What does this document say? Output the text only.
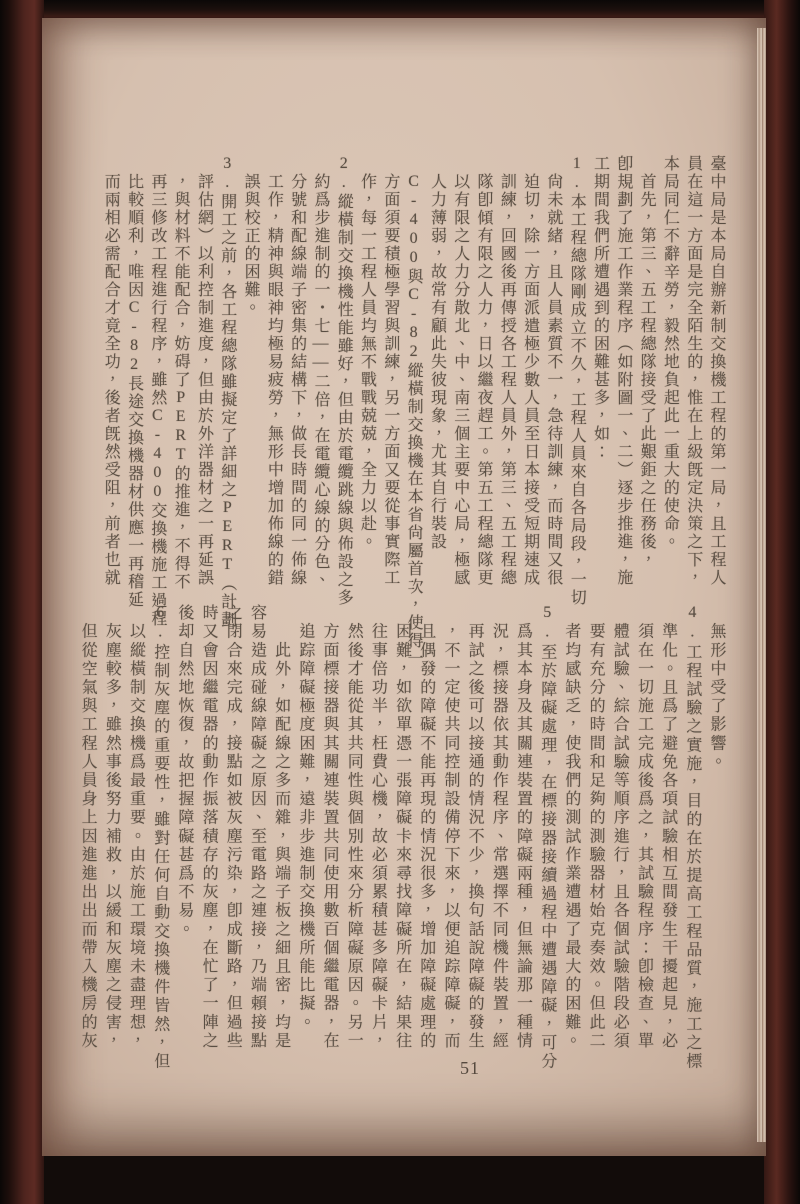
臺中局是本局自辦新制交換機工程的第一局，且工程人
員在這一方面是完全陌生的，惟在上級旣定決策之下，
本局同仁不辭辛勞，毅然地負起此一重大的使命。
　首先，第三、五工程總隊接受了此艱鉅之任務後，
卽規劃了施工作業程序（如附圖一、二）逐步推進，施
工期間我們所遭遇到的困難甚多，如：
1.本工程總隊剛成立不久，工程人員來自各局段，一切
　尙未就緒，且人員素質不一，急待訓練，而時間又很
　迫切，除一方面派遣極少數人員至日本接受短期速成
　訓練，回國後再傳授各工程人員外，第三、五工程總
　隊卽傾有限之人力，日以繼夜趕工。第五工程總隊更
　以有限之人力分散北、中、南三個主要中心局，極感
　人力薄弱，故常有顧此失彼現象，尤其自行裝設
　C-400與C-82縱橫制交換機在本省尙屬首次，使得一
　方面須要積極學習與訓練，另一方面又要從事實際工
　作，每一工程人員均無不戰戰兢兢，全力以赴。
2.縱橫制交換機性能雖好，但由於電纜跳線與佈設之多
　約爲步進制的一・七——二倍，在電纜心線的分色、
　分號和配線端子密集的結構下，做長時間的同一佈線
　工作，精神與眼神均極易疲勞，無形中增加佈線的錯
　誤與校正的困難。
3.開工之前，各工程總隊雖擬定了詳細之PERT（計劃
　評估網）以利控制進度，但由於外洋器材之一再延誤
　，與材料不能配合，妨碍了PERT的推進，不得不
　再三修改工程進行程序，雖然C-400交換機施工過程
　比較順利，唯因C-82長途交換機器材供應一再稽延
　而兩相必需配合才竟全功，後者旣然受阻，前者也就
　無形中受了影響。
4.工程試驗之實施，目的在於提高工程品質，施工之標
　準化。且爲了避免各項試驗相互間發生干擾起見，必
　須在一切施工完成後爲之，其試驗程序：卽檢查、單
　體試驗、綜合試驗等順序進行，且各個試驗階段必須
　要有充分的時間和足夠的測驗器材始克奏效。但此二
　者均感缺乏，使我們的測試作業遭遇了最大的困難。
5.至於障礙處理，在標接器接續過程中遭遇障礙，可分
　爲其本身及其關連裝置的障礙兩種，但無論那一種情
　況，標接器依其動作程序、常選擇不同機件裝置，經
　再試之後可以接通的情況不少，換句話說障礙的發生
　，不一定使共同控制設備停下來，以便追踪障礙，而
　且偶發的障礙不能再現的情況很多，增加障礙處理的
　困難，如欲單憑一張障礙卡來尋找障礙所在，結果往
　往事倍功半，枉費心機，故必須累積甚多障礙卡片，
　然後才能從其共同性與個別性來分析障礙原因。另一
　方面標接器與其關連裝置共同使用數百個繼電器，在
　追踪障礙極度困難，遠非步進制交換機所能比擬。
　　此外，如配線之多而雜，與端子板之細且密，均是
容易造成碰線障礙之原因、至電路之連接，乃端賴接點
之閉合來完成，接點如被灰塵污染，卽成斷路，但過些
時又會因繼電器的動作振落積存的灰塵，在忙了一陣之
後却自然地恢復，故把握障礙甚爲不易。
6.控制灰塵的重要性，雖對任何自動交換機件皆然，但
　以縱橫制交換機爲最重要。由於施工環境未盡理想，
　灰塵較多，雖然事後努力補救，以緩和灰塵之侵害，
　但從空氣與工程人員身上因進進出出而帶入機房的灰
51
